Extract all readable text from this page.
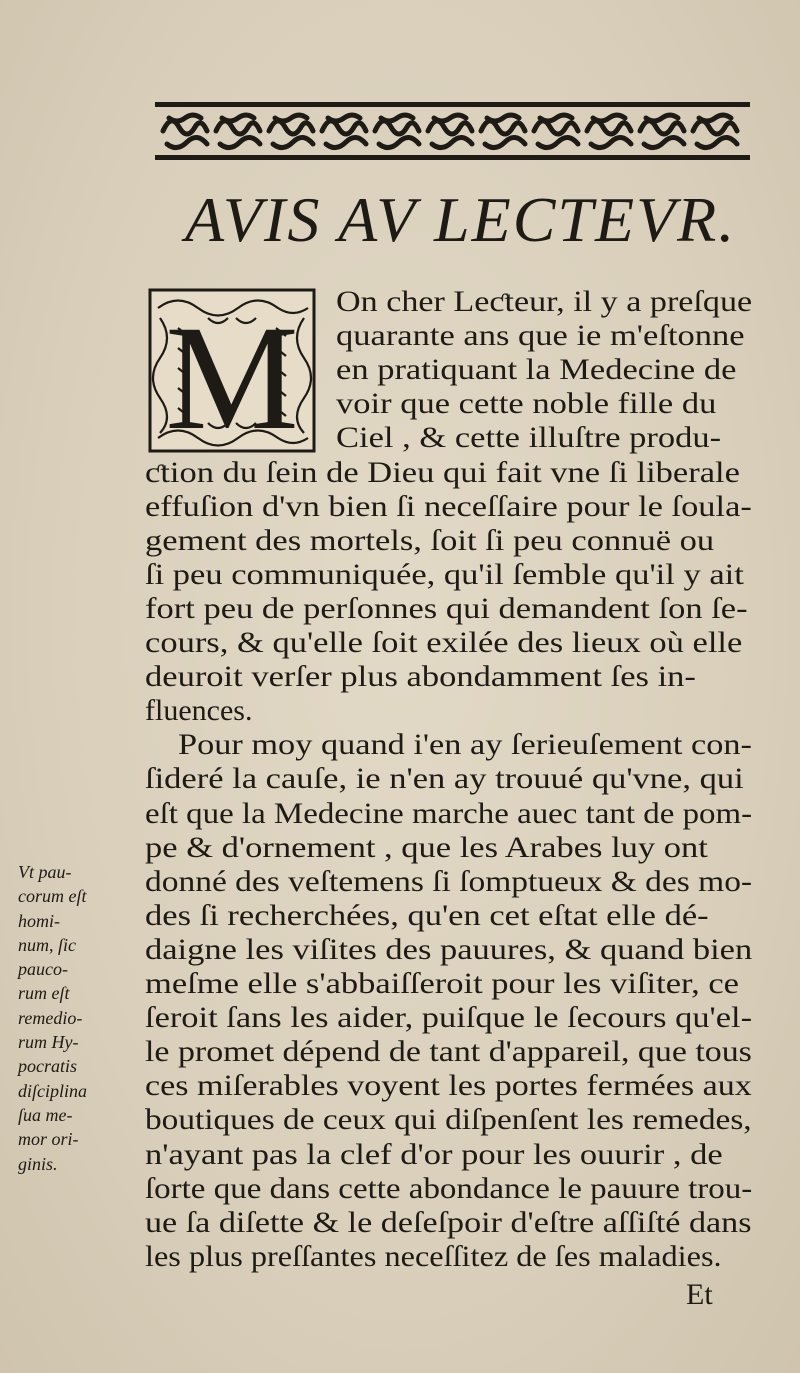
AVIS AV LECTEVR.
M On cher Leƈteur, il y a preſque
quarante ans que ie m'eſtonne
en pratiquant la Medecine de
voir que cette noble fille du
Ciel , & cette illuſtre produ-
ƈtion du ſein de Dieu qui fait vne ſi liberale
effuſion d'vn bien ſi neceſſaire pour le ſoula-
gement des mortels, ſoit ſi peu connuë ou
ſi peu communiquée, qu'il ſemble qu'il y ait
fort peu de perſonnes qui demandent ſon ſe-
cours, & qu'elle ſoit exilée des lieux où elle
deuroit verſer plus abondamment ſes in-
fluences.
Pour moy quand i'en ay ſerieuſement con-
ſideré la cauſe, ie n'en ay trouué qu'vne, qui
eſt que la Medecine marche auec tant de pom-
pe & d'ornement , que les Arabes luy ont
donné des veſtemens ſi ſomptueux & des mo-
des ſi recherchées, qu'en cet eſtat elle dé-
daigne les viſites des pauures, & quand bien
meſme elle s'abbaiſſeroit pour les viſiter, ce
ſeroit ſans les aider, puiſque le ſecours qu'el-
le promet dépend de tant d'appareil, que tous
ces miſerables voyent les portes fermées aux
boutiques de ceux qui diſpenſent les remedes,
n'ayant pas la clef d'or pour les ouurir , de
ſorte que dans cette abondance le pauure trou-
ue ſa diſette & le deſeſpoir d'eſtre aſſiſté dans
les plus preſſantes neceſſitez de ſes maladies.
Vt pau-
corum eſt
homi-
num, ſic
pauco-
rum eſt
remedio-
rum Hy-
pocratis
diſciplina
ſua me-
mor ori-
ginis.
Et
